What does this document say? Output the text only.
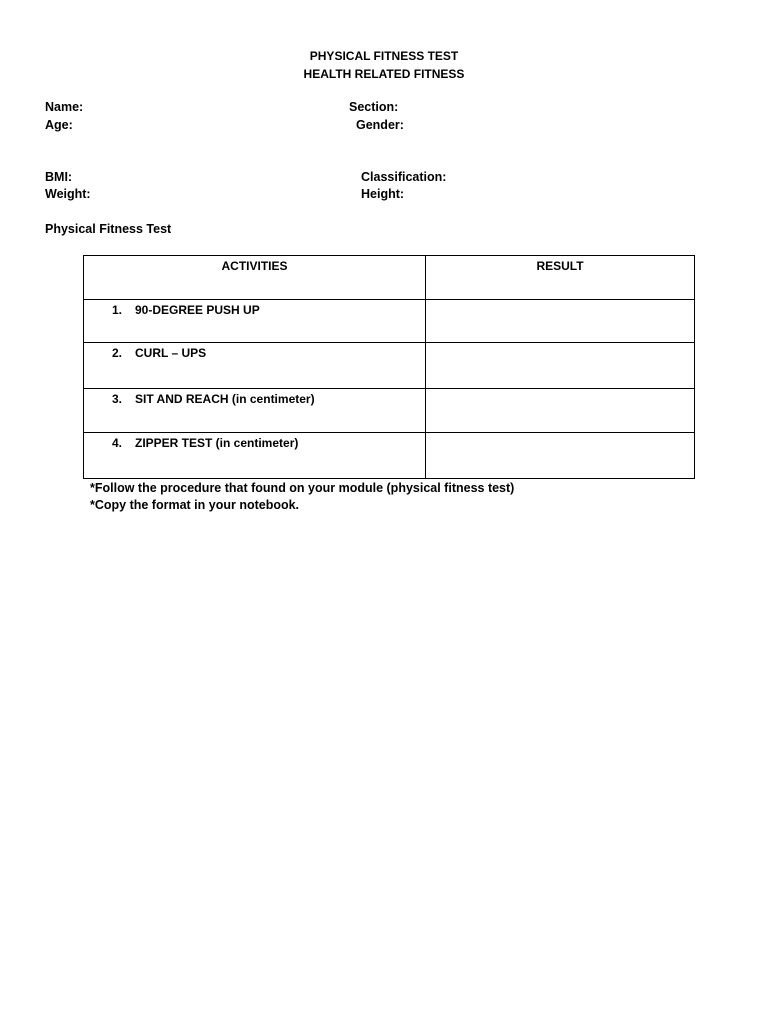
PHYSICAL FITNESS TEST
HEALTH RELATED FITNESS
Name:	Section:
Age:	Gender:
BMI:	Classification:
Weight:	Height:
Physical Fitness Test
ACTIVITIES	RESULT

1. 90-DEGREE PUSH UP	

2. CURL – UPS	

3. SIT AND REACH (in centimeter)	

4. ZIPPER TEST (in centimeter)	

*Follow the procedure that found on your module (physical fitness test)
*Copy the format in your notebook.
